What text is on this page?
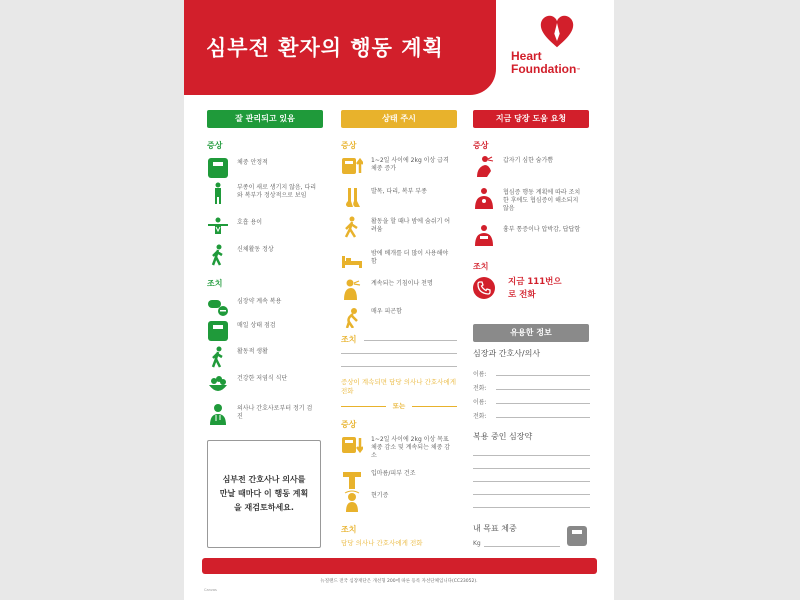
심부전 환자의 행동 계획	Heart
Foundation™
잘 관리되고 있음
증상
체중 안정적
부종이 새로 생기지 않음, 다리와 복부가 정상적으로 보임
호흡 용이
신체활동 정상
조치
심장약 계속 복용
매일 상태 점검
활동적 생활
건강한 저염식 식단
의사나 간호사로부터 정기 검진
심부전 간호사나 의사를 만날 때마다 이 행동 계획을 재검토하세요.
상태 주시
증상
1~2일 사이에 2kg 이상 급격 체중 증가
발목, 다리, 복부 부종
활동을 할 때나 밤에 숨쉬기 어려움
밤에 베개를 더 많이 사용해야 함
계속되는 기침이나 천명
매우 피곤함
조치
증상이 계속되면 담당 의사나 간호사에게 전화
또는
증상
1~2일 사이에 2kg 이상 목표 체중 감소 및 계속되는 체중 감소
입마름/피부 건조
현기증
조치
담당 의사나 간호사에게 전화
지금 당장 도움 요청
증상
갑자기 심한 숨가쁨
협심증 행동 계획에 따라 조치한 후에도 협심증이 해소되지 않음
흉부 통증이나 압박감, 답답함
조치
지금 111번으로 전화
유용한 정보
심장과 간호사/의사
이름:
전화:
이름:
전화:
복용 중인 심장약
내 목표 체중
Kg
뉴질랜드 전국 심장재단은 개선형 200에 따른 등록 자선단체입니다(CC23052).
Canvas
